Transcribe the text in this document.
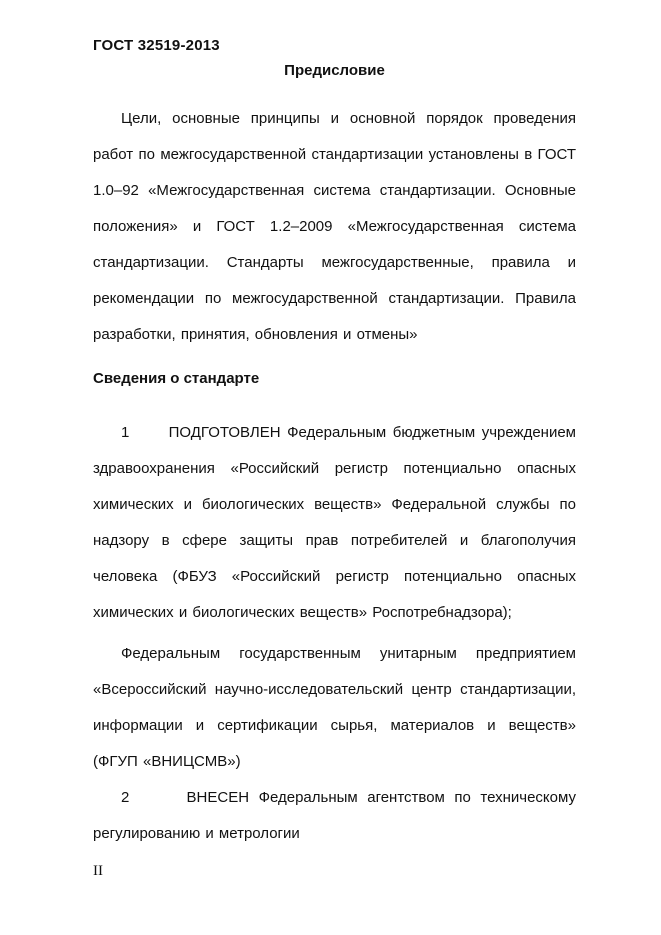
ГОСТ 32519-2013
Предисловие

Цели, основные принципы и основной порядок проведения работ по межгосударственной стандартизации установлены в ГОСТ 1.0–92 «Межгосударственная система стандартизации. Основные положения» и ГОСТ 1.2–2009 «Межгосударственная система стандартизации. Стандарты межгосударственные, правила и рекомендации по межгосударственной стандартизации. Правила разработки, принятия, обновления и отмены»

Сведения о стандарте

1      ПОДГОТОВЛЕН Федеральным бюджетным учреждением здравоохранения «Российский регистр потенциально опасных химических и биологических веществ» Федеральной службы по надзору в сфере защиты прав потребителей и благополучия человека (ФБУЗ «Российский регистр потенциально опасных химических и биологических веществ» Роспотребнадзора);

Федеральным государственным унитарным предприятием «Всероссийский научно-исследовательский центр стандартизации, информации и сертификации сырья, материалов и веществ» (ФГУП «ВНИЦСМВ»)

2      ВНЕСЕН Федеральным агентством по техническому регулированию и метрологии

II
